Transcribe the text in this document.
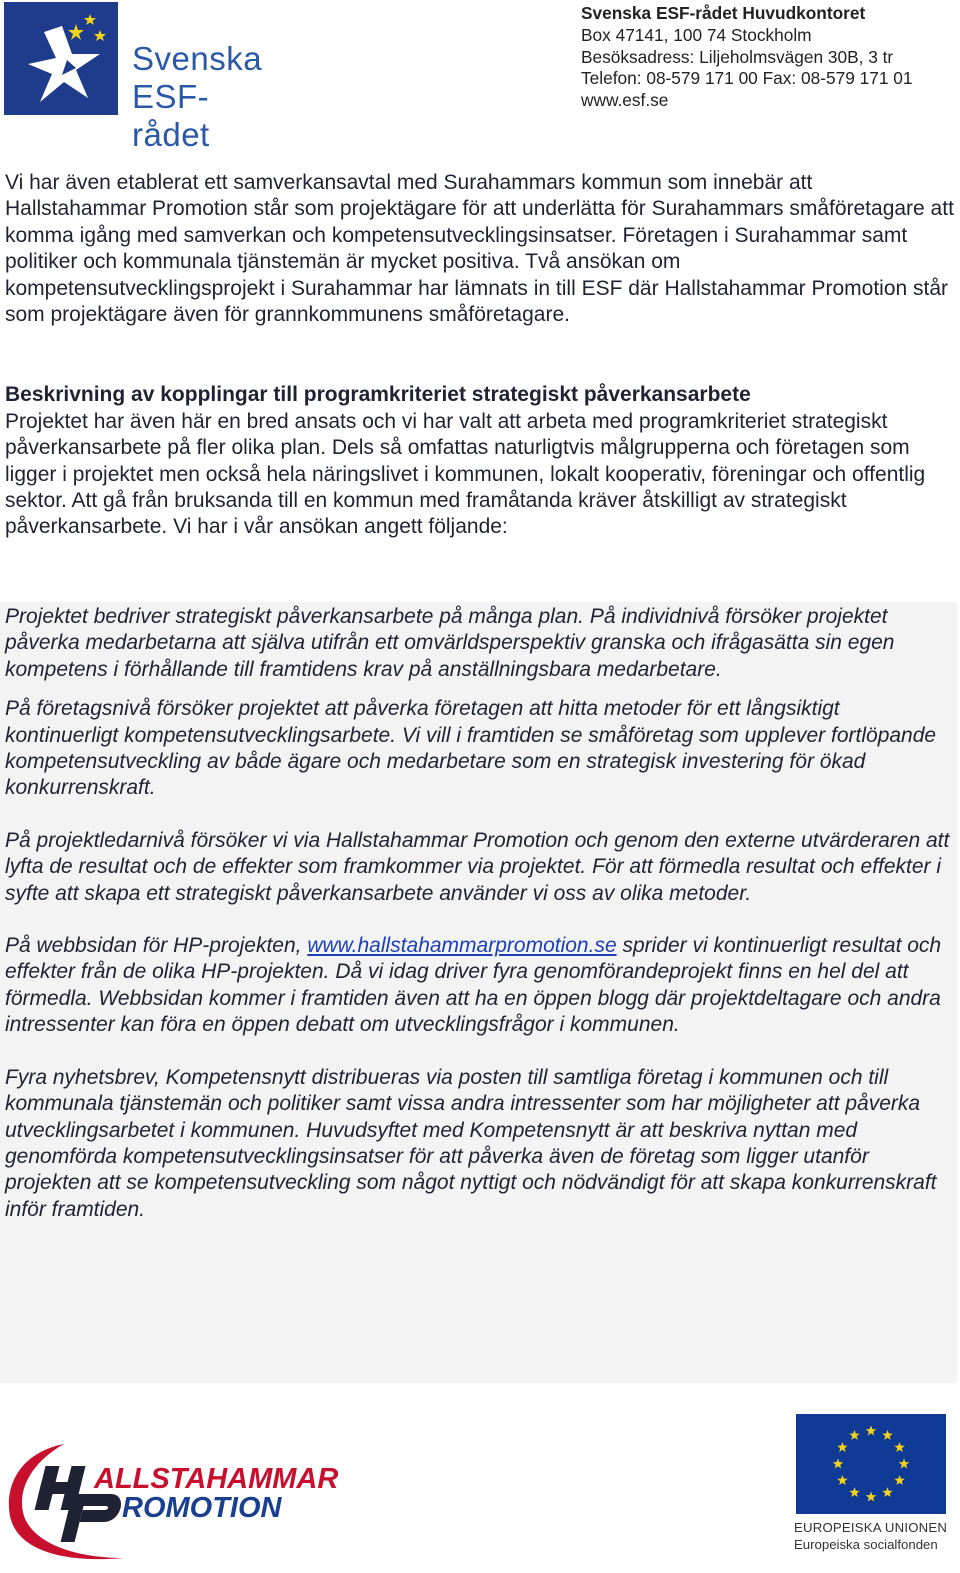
Svenska
ESF-rådet
Svenska ESF-rådet Huvudkontoret
Box 47141, 100 74 Stockholm
Besöksadress: Liljeholmsvägen 30B, 3 tr
Telefon: 08-579 171 00 Fax: 08-579 171 01
www.esf.se

Vi har även etablerat ett samverkansavtal med Surahammars kommun som innebär att Hallstahammar Promotion står som projektägare för att underlätta för Surahammars småföretagare att komma igång med samverkan och kompetensutvecklingsinsatser. Företagen i Surahammar samt politiker och kommunala tjänstemän är mycket positiva. Två ansökan om kompetensutvecklingsprojekt i Surahammar har lämnats in till ESF där Hallstahammar Promotion står som projektägare även för grannkommunens småföretagare.

Beskrivning av kopplingar till programkriteriet strategiskt påverkansarbete

Projektet har även här en bred ansats och vi har valt att arbeta med programkriteriet strategiskt påverkansarbete på fler olika plan. Dels så omfattas naturligtvis målgrupperna och företagen som ligger i projektet men också hela näringslivet i kommunen, lokalt kooperativ, föreningar och offentlig sektor. Att gå från bruksanda till en kommun med framåtanda kräver åtskilligt av strategiskt påverkansarbete. Vi har i vår ansökan angett följande:

Projektet bedriver strategiskt påverkansarbete på många plan. På individnivå försöker projektet påverka medarbetarna att själva utifrån ett omvärldsperspektiv granska och ifrågasätta sin egen kompetens i förhållande till framtidens krav på anställningsbara medarbetare.

På företagsnivå försöker projektet att påverka företagen att hitta metoder för ett långsiktigt kontinuerligt kompetensutvecklingsarbete. Vi vill i framtiden se småföretag som upplever fortlöpande kompetensutveckling av både ägare och medarbetare som en strategisk investering för ökad konkurrenskraft.

På projektledarnivå försöker vi via Hallstahammar Promotion och genom den externe utvärderaren att lyfta de resultat och de effekter som framkommer via projektet. För att förmedla resultat och effekter i syfte att skapa ett strategiskt påverkansarbete använder vi oss av olika metoder.

På webbsidan för HP-projekten, www.hallstahammarpromotion.se sprider vi kontinuerligt resultat och effekter från de olika HP-projekten. Då vi idag driver fyra genomförandeprojekt finns en hel del att förmedla. Webbsidan kommer i framtiden även att ha en öppen blogg där projektdeltagare och andra intressenter kan föra en öppen debatt om utvecklingsfrågor i kommunen.

Fyra nyhetsbrev, Kompetensnytt distribueras via posten till samtliga företag i kommunen och till kommunala tjänstemän och politiker samt vissa andra intressenter som har möjligheter att påverka utvecklingsarbetet i kommunen. Huvudsyftet med Kompetensnytt är att beskriva nyttan med genomförda kompetensutvecklingsinsatser för att påverka även de företag som ligger utanför projekten att se kompetensutveckling som något nyttigt och nödvändigt för att skapa konkurrenskraft inför framtiden.

ALLSTAHAMMAR
ROMOTION
EUROPEISKA UNIONEN
Europeiska socialfonden
